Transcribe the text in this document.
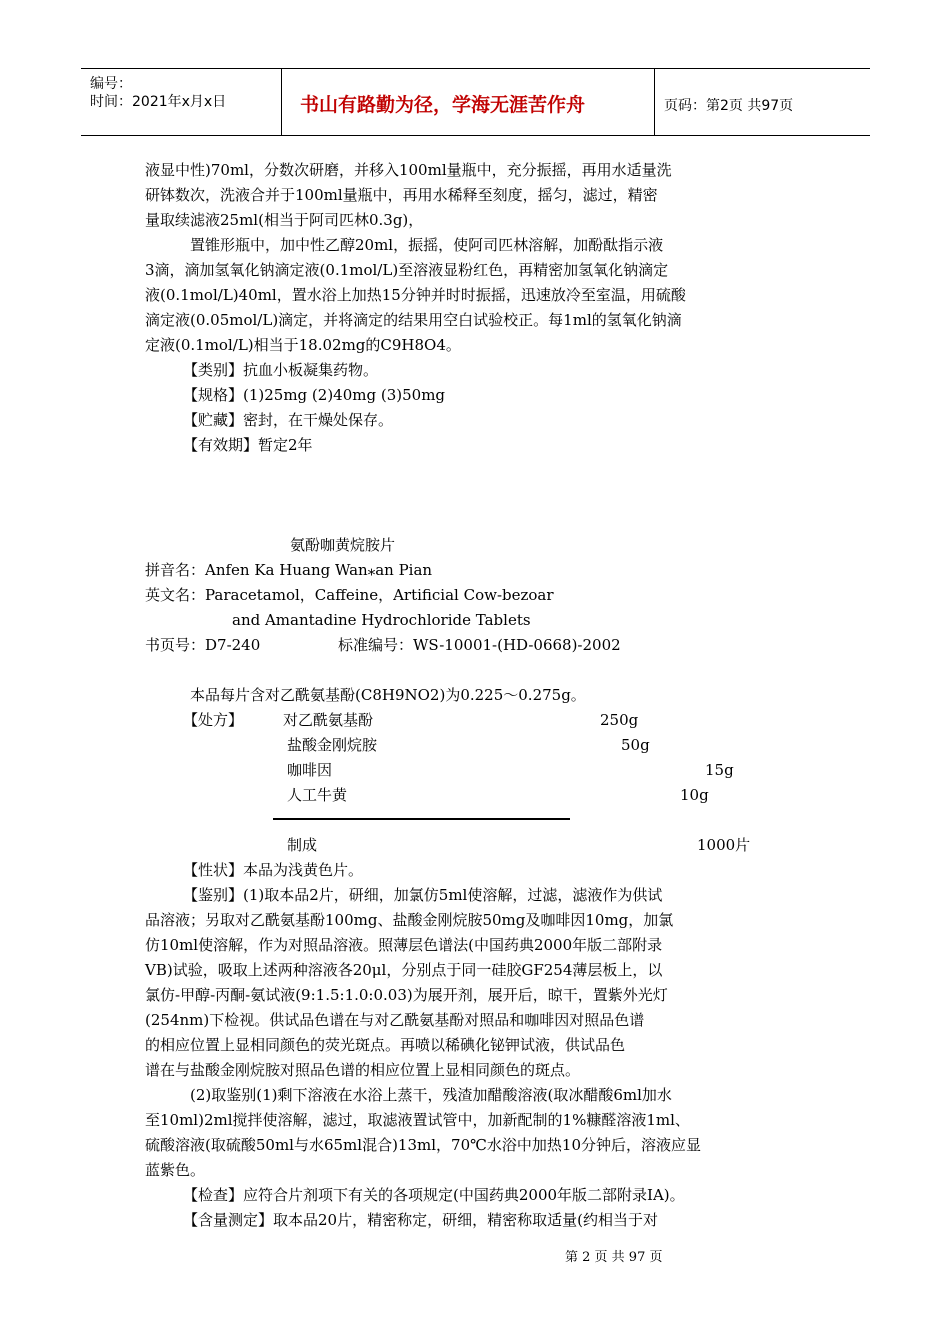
编号：
时间：2021年x月x日	书山有路勤为径，学海无涯苦作舟	页码：第2页 共97页
液显中性)70ml，分数次研磨，并移入100ml量瓶中，充分振摇，再用水适量洗
研钵数次，洗液合并于100ml量瓶中，再用水稀释至刻度，摇匀，滤过，精密
量取续滤液25ml(相当于阿司匹林0.3g)，
置锥形瓶中，加中性乙醇20ml，振摇，使阿司匹林溶解，加酚酞指示液
3滴，滴加氢氧化钠滴定液(0.1mol/L)至溶液显粉红色，再精密加氢氧化钠滴定
液(0.1mol/L)40ml，置水浴上加热15分钟并时时振摇，迅速放冷至室温，用硫酸
滴定液(0.05mol/L)滴定，并将滴定的结果用空白试验校正。每1ml的氢氧化钠滴
定液(0.1mol/L)相当于18.02mg的C9H8O4。
【类别】抗血小板凝集药物。
【规格】(1)25mg (2)40mg (3)50mg
【贮藏】密封，在干燥处保存。
【有效期】暂定2年
氨酚咖黄烷胺片
拼音名：Anfen Ka Huang Wan⁎an Pian
英文名：Paracetamol，Caffeine，Artificial Cow-bezoar
and Amantadine Hydrochloride Tablets
书页号：D7-240	标准编号：WS-10001-(HD-0668)-2002
本品每片含对乙酰氨基酚(C8H9NO2)为0.225～0.275g。
【处方】	对乙酰氨基酚	250g
盐酸金刚烷胺	50g
咖啡因	15g
人工牛黄	10g
制成	1000片
【性状】本品为浅黄色片。
【鉴别】(1)取本品2片，研细，加氯仿5ml使溶解，过滤，滤液作为供试
品溶液；另取对乙酰氨基酚100mg、盐酸金刚烷胺50mg及咖啡因10mg，加氯
仿10ml使溶解，作为对照品溶液。照薄层色谱法(中国药典2000年版二部附录
ⅤB)试验，吸取上述两种溶液各20μl，分别点于同一硅胶GF254薄层板上，以
氯仿-甲醇-丙酮-氨试液(9:1.5:1.0:0.03)为展开剂，展开后，晾干，置紫外光灯
(254nm)下检视。供试品色谱在与对乙酰氨基酚对照品和咖啡因对照品色谱
的相应位置上显相同颜色的荧光斑点。再喷以稀碘化铋钾试液，供试品色
谱在与盐酸金刚烷胺对照品色谱的相应位置上显相同颜色的斑点。
(2)取鉴别(1)剩下溶液在水浴上蒸干，残渣加醋酸溶液(取冰醋酸6ml加水
至10ml)2ml搅拌使溶解，滤过，取滤液置试管中，加新配制的1%糠醛溶液1ml、
硫酸溶液(取硫酸50ml与水65ml混合)13ml，70℃水浴中加热10分钟后，溶液应显
蓝紫色。
【检查】应符合片剂项下有关的各项规定(中国药典2000年版二部附录ⅠA)。
【含量测定】取本品20片，精密称定，研细，精密称取适量(约相当于对
第 2 页 共 97 页
